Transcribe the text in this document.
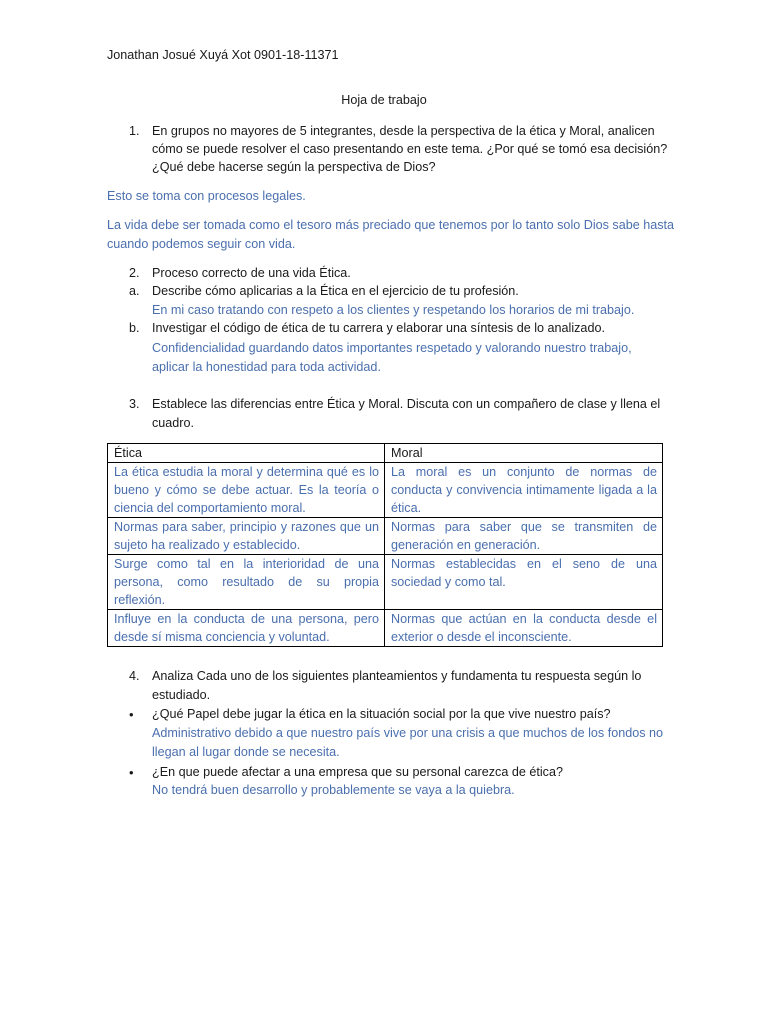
Jonathan Josué Xuyá Xot 0901-18-11371
Hoja de trabajo
1. En grupos no mayores de 5 integrantes, desde la perspectiva de la ética y Moral, analicen
cómo se puede resolver el caso presentando en este tema. ¿Por qué se tomó esa decisión?
¿Qué debe hacerse según la perspectiva de Dios?
Esto se toma con procesos legales.
La vida debe ser tomada como el tesoro más preciado que tenemos por lo tanto solo Dios sabe hasta
cuando podemos seguir con vida.
2. Proceso correcto de una vida Ética.
a. Describe cómo aplicarias a la Ética en el ejercicio de tu profesión.
En mi caso tratando con respeto a los clientes y respetando los horarios de mi trabajo.
b. Investigar el código de ética de tu carrera y elaborar una síntesis de lo analizado.
Confidencialidad guardando datos importantes respetado y valorando nuestro trabajo,
aplicar la honestidad para toda actividad.
3. Establece las diferencias entre Ética y Moral. Discuta con un compañero de clase y llena el
cuadro.
Ética	Moral
La ética estudia la moral y determina qué es lo bueno y cómo se debe actuar. Es la teoría o ciencia del comportamiento moral.	La moral es un conjunto de normas de conducta y convivencia intimamente ligada a la ética.
Normas para saber, principio y razones que un sujeto ha realizado y establecido.	Normas para saber que se transmiten de generación en generación.
Surge como tal en la interioridad de una persona, como resultado de su propia reflexión.	Normas establecidas en el seno de una sociedad y como tal.
Influye en la conducta de una persona, pero desde sí misma conciencia y voluntad.	Normas que actúan en la conducta desde el exterior o desde el inconsciente.
4. Analiza Cada uno de los siguientes planteamientos y fundamenta tu respuesta según lo
estudiado.
• ¿Qué Papel debe jugar la ética en la situación social por la que vive nuestro país?
Administrativo debido a que nuestro país vive por una crisis a que muchos de los fondos no
llegan al lugar donde se necesita.
• ¿En que puede afectar a una empresa que su personal carezca de ética?
No tendrá buen desarrollo y probablemente se vaya a la quiebra.
